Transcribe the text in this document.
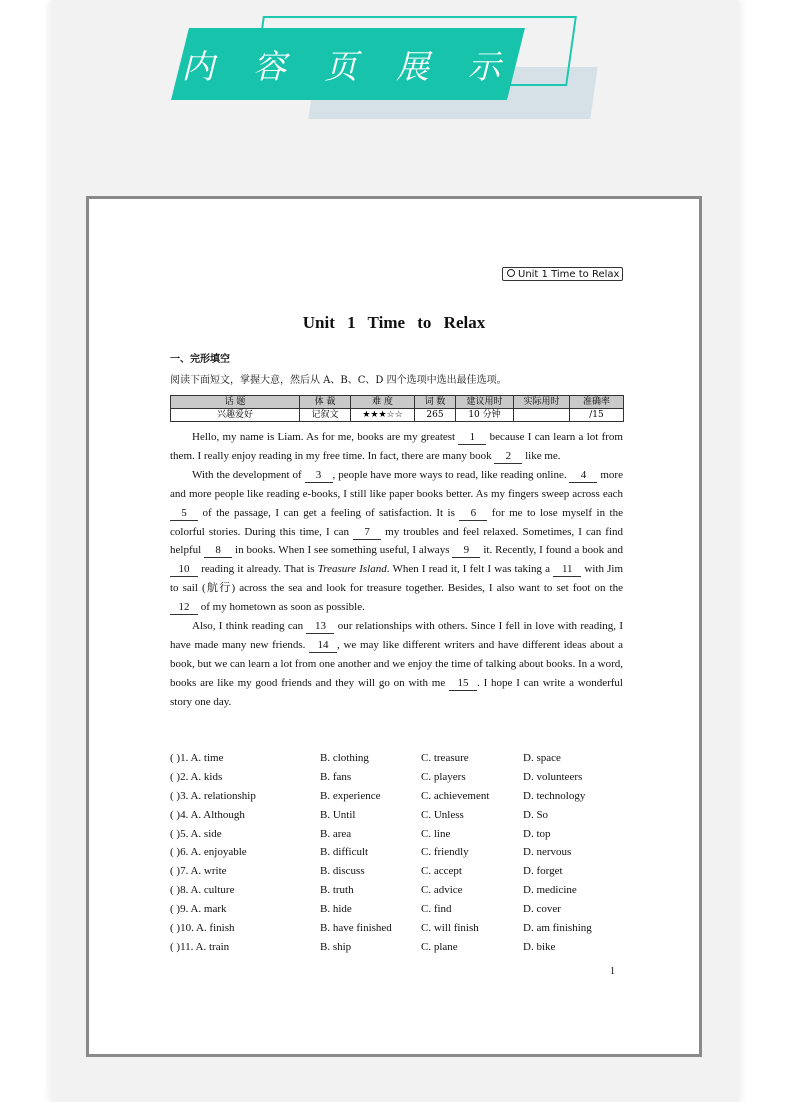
内 容 页 展 示
Unit 1 Time to Relax
Unit 1 Time to Relax
一、完形填空
阅读下面短文，掌握大意，然后从 A、B、C、D 四个选项中选出最佳选项。
话 题	体 裁	难 度	词 数	建议用时	实际用时	准确率
兴趣爱好	记叙文	★★★☆☆	265	10 分钟		/15

Hello, my name is Liam. As for me, books are my greatest 1 because I can learn a lot from them. I really enjoy reading in my free time. In fact, there are many book 2 like me.

With the development of 3 , people have more ways to read, like reading online. 4 more and more people like reading e-books, I still like paper books better. As my fingers sweep across each 5 of the passage, I can get a feeling of satisfaction. It is 6 for me to lose myself in the colorful stories. During this time, I can 7 my troubles and feel relaxed. Sometimes, I can find helpful 8 in books. When I see something useful, I always 9 it. Recently, I found a book and 10 reading it already. That is Treasure Island. When I read it, I felt I was taking a 11 with Jim to sail (航行) across the sea and look for treasure together. Besides, I also want to set foot on the 12 of my hometown as soon as possible.

Also, I think reading can 13 our relationships with others. Since I fell in love with reading, I have made many new friends. 14 , we may like different writers and have different ideas about a book, but we can learn a lot from one another and we enjoy the time of talking about books. In a word, books are like my good friends and they will go on with me 15 . I hope I can write a wonderful story one day.

( )1. A. time	B. clothing	C. treasure	D. space
( )2. A. kids	B. fans	C. players	D. volunteers
( )3. A. relationship	B. experience	C. achievement	D. technology
( )4. A. Although	B. Until	C. Unless	D. So
( )5. A. side	B. area	C. line	D. top
( )6. A. enjoyable	B. difficult	C. friendly	D. nervous
( )7. A. write	B. discuss	C. accept	D. forget
( )8. A. culture	B. truth	C. advice	D. medicine
( )9. A. mark	B. hide	C. find	D. cover
( )10. A. finish	B. have finished	C. will finish	D. am finishing
( )11. A. train	B. ship	C. plane	D. bike
1
